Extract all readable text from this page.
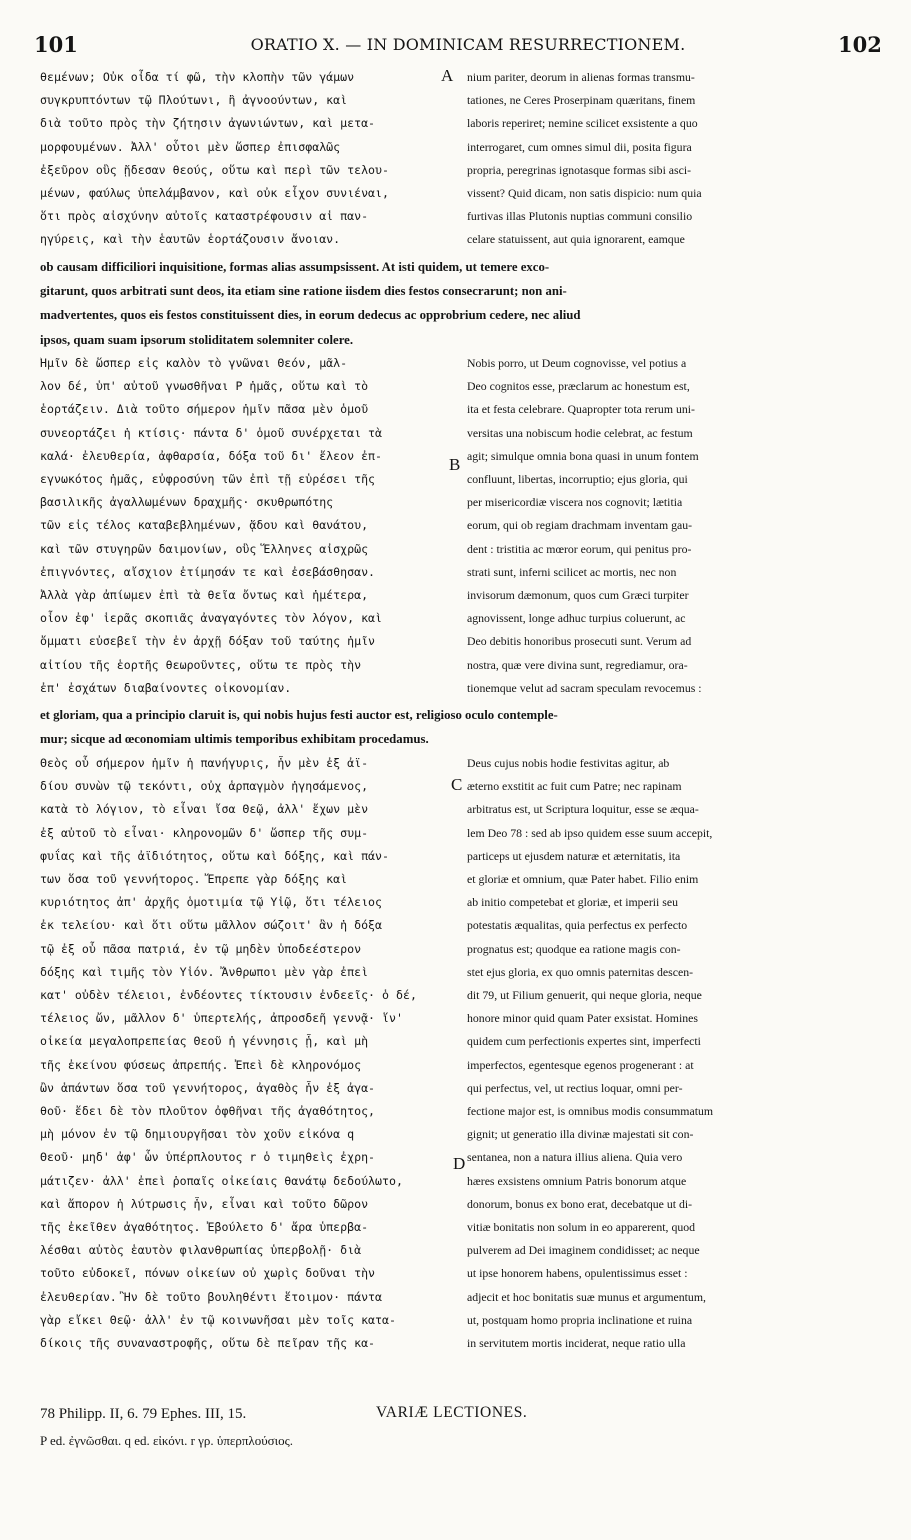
101	ORATIO X. — IN DOMINICAM RESURRECTIONEM.	102
θεμένων; Οὐκ οἶδα τί φῶ, τὴν κλοπὴν τῶν γάμων
συγκρυπτόντων τῷ Πλούτωνι, ἢ ἀγνοούντων, καὶ
διὰ τοῦτο πρὸς τὴν ζήτησιν ἀγωνιώντων, καὶ μετα-
μορφουμένων. Ἀλλ' οὗτοι μὲν ὥσπερ ἐπισφαλῶς
ἐξεῦρον οὓς ᾔδεσαν θεούς, οὕτω καὶ περὶ τῶν τελου-
μένων, φαύλως ὑπελάμβανον, καὶ οὐκ εἶχον συνιέναι,
ὅτι πρὸς αἰσχύνην αὐτοῖς καταστρέφουσιν αἱ παν-
ηγύρεις, καὶ τὴν ἑαυτῶν ἑορτάζουσιν ἄνοιαν.
A nium pariter, deorum in alienas formas transmu-
tationes, ne Ceres Proserpinam quæritans, finem
laboris reperiret; nemine scilicet exsistente a quo
interrogaret, cum omnes simul dii, posita figura
propria, peregrinas ignotasque formas sibi asci-
vissent? Quid dicam, non satis dispicio: num quia
furtivas illas Plutonis nuptias communi consilio
celare statuissent, aut quia ignorarent, eamque
ob causam difficiliori inquisitione, formas alias assumpsissent. At isti quidem, ut temere exco-
gitarunt, quos arbitrati sunt deos, ita etiam sine ratione iisdem dies festos consecrarunt; non ani-
madvertentes, quos eis festos constituissent dies, in eorum dedecus ac opprobrium cedere, nec aliud
ipsos, quam suam ipsorum stoliditatem solemniter colere.
Ἡμῖν δὲ ὥσπερ εἰς καλὸν τὸ γνῶναι Θεόν, μᾶλ-
λον δέ, ὑπ' αὐτοῦ γνωσθῆναι P ἡμᾶς, οὕτω καὶ τὸ
ἑορτάζειν. Διὰ τοῦτο σήμερον ἡμῖν πᾶσα μὲν ὁμοῦ
συνεορτάζει ἡ κτίσις· πάντα δ' ὁμοῦ συνέρχεται τὰ
καλά· ἐλευθερία, ἀφθαρσία, δόξα τοῦ δι' ἔλεον ἐπ-
εγνωκότος ἡμᾶς, εὐφροσύνη τῶν ἐπὶ τῇ εὑρέσει τῆς
βασιλικῆς ἀγαλλωμένων δραχμῆς· σκυθρωπότης
τῶν εἰς τέλος καταβεβλημένων, ᾅδου καὶ θανάτου,
καὶ τῶν στυγηρῶν δαιμονίων, οὓς Ἕλληνες αἰσχρῶς
ἐπιγνόντες, αἴσχιον ἐτίμησάν τε καὶ ἐσεβάσθησαν.
Ἀλλὰ γὰρ ἀπίωμεν ἐπὶ τὰ θεῖα ὄντως καὶ ἡμέτερα,
οἷον ἐφ' ἱερᾶς σκοπιᾶς ἀναγαγόντες τὸν λόγον, καὶ
ὄμματι εὐσεβεῖ τὴν ἐν ἀρχῇ δόξαν τοῦ ταύτης ἡμῖν
αἰτίου τῆς ἑορτῆς θεωροῦντες, οὕτω τε πρὸς τὴν
ἐπ' ἐσχάτων διαβαίνοντες οἰκονομίαν.
B
Nobis porro, ut Deum cognovisse, vel potius a
Deo cognitos esse, præclarum ac honestum est,
ita et festa celebrare. Quapropter tota rerum uni-
versitas una nobiscum hodie celebrat, ac festum
agit; simulque omnia bona quasi in unum fontem
confluunt, libertas, incorruptio; ejus gloria, qui
per misericordiæ viscera nos cognovit; lætitia
eorum, qui ob regiam drachmam inventam gau-
dent : tristitia ac mœror eorum, qui penitus pro-
strati sunt, inferni scilicet ac mortis, nec non
invisorum dæmonum, quos cum Græci turpiter
agnovissent, longe adhuc turpius coluerunt, ac
Deo debitis honoribus prosecuti sunt. Verum ad
nostra, quæ vere divina sunt, regrediamur, ora-
tionemque velut ad sacram speculam revocemus :
et gloriam, qua a principio claruit is, qui nobis hujus festi auctor est, religioso oculo contemple-
mur; sicque ad œconomiam ultimis temporibus exhibitam procedamus.
Θεὸς οὗ σήμερον ἡμῖν ἡ πανήγυρις, ἦν μὲν ἐξ ἀϊ-
δίου συνὼν τῷ τεκόντι, οὐχ ἁρπαγμὸν ἡγησάμενος,
κατὰ τὸ λόγιον, τὸ εἶναι ἴσα Θεῷ, ἀλλ' ἔχων μὲν
ἐξ αὐτοῦ τὸ εἶναι· κληρονομῶν δ' ὥσπερ τῆς συμ-
φυΐας καὶ τῆς ἀϊδιότητος, οὕτω καὶ δόξης, καὶ πάν-
των ὅσα τοῦ γεννήτορος. Ἔπρεπε γὰρ δόξης καὶ
κυριότητος ἀπ' ἀρχῆς ὁμοτιμία τῷ Υἱῷ, ὅτι τέλειος
ἐκ τελείου· καὶ ὅτι οὕτω μᾶλλον σώζοιτ' ἂν ἡ δόξα
τῷ ἐξ οὗ πᾶσα πατριά, ἐν τῷ μηδὲν ὑποδεέστερον
δόξης καὶ τιμῆς τὸν Υἱόν. Ἄνθρωποι μὲν γὰρ ἐπεὶ
κατ' οὐδὲν τέλειοι, ἐνδέοντες τίκτουσιν ἐνδεεῖς· ὁ δέ,
τέλειος ὤν, μᾶλλον δ' ὑπερτελής, ἀπροσδεῆ γεννᾷ· ἵν'
οἰκεία μεγαλοπρεπείας Θεοῦ ἡ γέννησις ᾖ, καὶ μὴ
τῆς ἐκείνου φύσεως ἀπρεπής. Ἐπεὶ δὲ κληρονόμος
ὢν ἁπάντων ὅσα τοῦ γεννήτορος, ἀγαθὸς ἦν ἐξ ἀγα-
θοῦ· ἔδει δὲ τὸν πλοῦτον ὀφθῆναι τῆς ἀγαθότητος,
μὴ μόνον ἐν τῷ δημιουργῆσαι τὸν χοῦν εἰκόνα q
Θεοῦ· μηδ' ἀφ' ὧν ὑπέρπλουτος r ὁ τιμηθεὶς ἐχρη-
μάτιζεν· ἀλλ' ἐπεὶ ῥοπαῖς οἰκείαις θανάτῳ δεδούλωτο,
καὶ ἄπορον ἡ λύτρωσις ἦν, εἶναι καὶ τοῦτο δῶρον
τῆς ἐκεῖθεν ἀγαθότητος. Ἐβούλετο δ' ἄρα ὑπερβα-
λέσθαι αὐτὸς ἑαυτὸν φιλανθρωπίας ὑπερβολῇ· διὰ
τοῦτο εὐδοκεῖ, πόνων οἰκείων οὐ χωρὶς δοῦναι τὴν
ἐλευθερίαν. Ἢν δὲ τοῦτο βουληθέντι ἕτοιμον· πάντα
γὰρ εἴκει Θεῷ· ἀλλ' ἐν τῷ κοινωνῆσαι μὲν τοῖς κατα-
δίκοις τῆς συναναστροφῆς, οὕτω δὲ πεῖραν τῆς κα-
C
D
Deus cujus nobis hodie festivitas agitur, ab
æterno exstitit ac fuit cum Patre; nec rapinam
arbitratus est, ut Scriptura loquitur, esse se æqua-
lem Deo 78 : sed ab ipso quidem esse suum accepit,
particeps ut ejusdem naturæ et æternitatis, ita
et gloriæ et omnium, quæ Pater habet. Filio enim
ab initio competebat et gloriæ, et imperii seu
potestatis æqualitas, quia perfectus ex perfecto
prognatus est; quodque ea ratione magis con-
stet ejus gloria, ex quo omnis paternitas descen-
dit 79, ut Filium genuerit, qui neque gloria, neque
honore minor quid quam Pater exsistat. Homines
quidem cum perfectionis expertes sint, imperfecti
imperfectos, egentesque egenos progenerant : at
qui perfectus, vel, ut rectius loquar, omni per-
fectione major est, is omnibus modis consummatum
gignit; ut generatio illa divinæ majestati sit con-
sentanea, non a natura illius aliena. Quia vero
hæres exsistens omnium Patris bonorum atque
donorum, bonus ex bono erat, decebatque ut di-
vitiæ bonitatis non solum in eo apparerent, quod
pulverem ad Dei imaginem condidisset; ac neque
ut ipse honorem habens, opulentissimus esset :
adjecit et hoc bonitatis suæ munus et argumentum,
ut, postquam homo propria inclinatione et ruina
in servitutem mortis inciderat, neque ratio ulla
78 Philipp. II, 6. 79 Ephes. III, 15.	VARIÆ LECTIONES.
P ed. ἐγνῶσθαι. q ed. εἰκόνι. r γρ. ὑπερπλούσιος.
